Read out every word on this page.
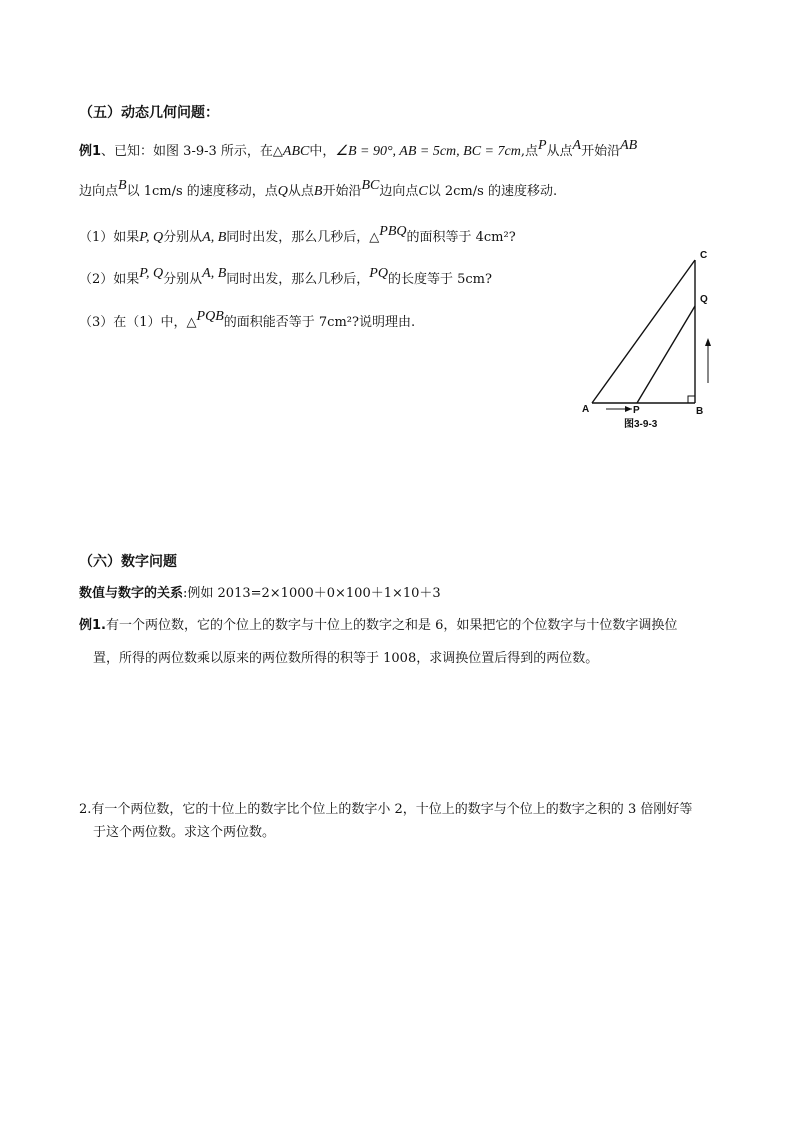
（五）动态几何问题：
例1、已知：如图 3-9-3 所示，在△ABC中，∠B = 90°, AB = 5cm, BC = 7cm,点P从点A开始沿AB
边向点B以 1cm/s 的速度移动，点Q从点B开始沿BC边向点C以 2cm/s 的速度移动.
（1）如果P, Q分别从A, B同时出发，那么几秒后，△PBQ的面积等于 4cm²?
（2）如果P, Q分别从A, B同时出发，那么几秒后，PQ的长度等于 5cm?
（3）在（1）中，△PQB的面积能否等于 7cm²?说明理由.
C
Q
A	P	B
图3-9-3
（六）数字问题
数值与数字的关系:例如 2013=2×1000＋0×100＋1×10＋3
例1.有一个两位数，它的个位上的数字与十位上的数字之和是 6，如果把它的个位数字与十位数字调换位
置，所得的两位数乘以原来的两位数所得的积等于 1008，求调换位置后得到的两位数。
2.有一个两位数，它的十位上的数字比个位上的数字小 2，十位上的数字与个位上的数字之积的 3 倍刚好等
于这个两位数。求这个两位数。
